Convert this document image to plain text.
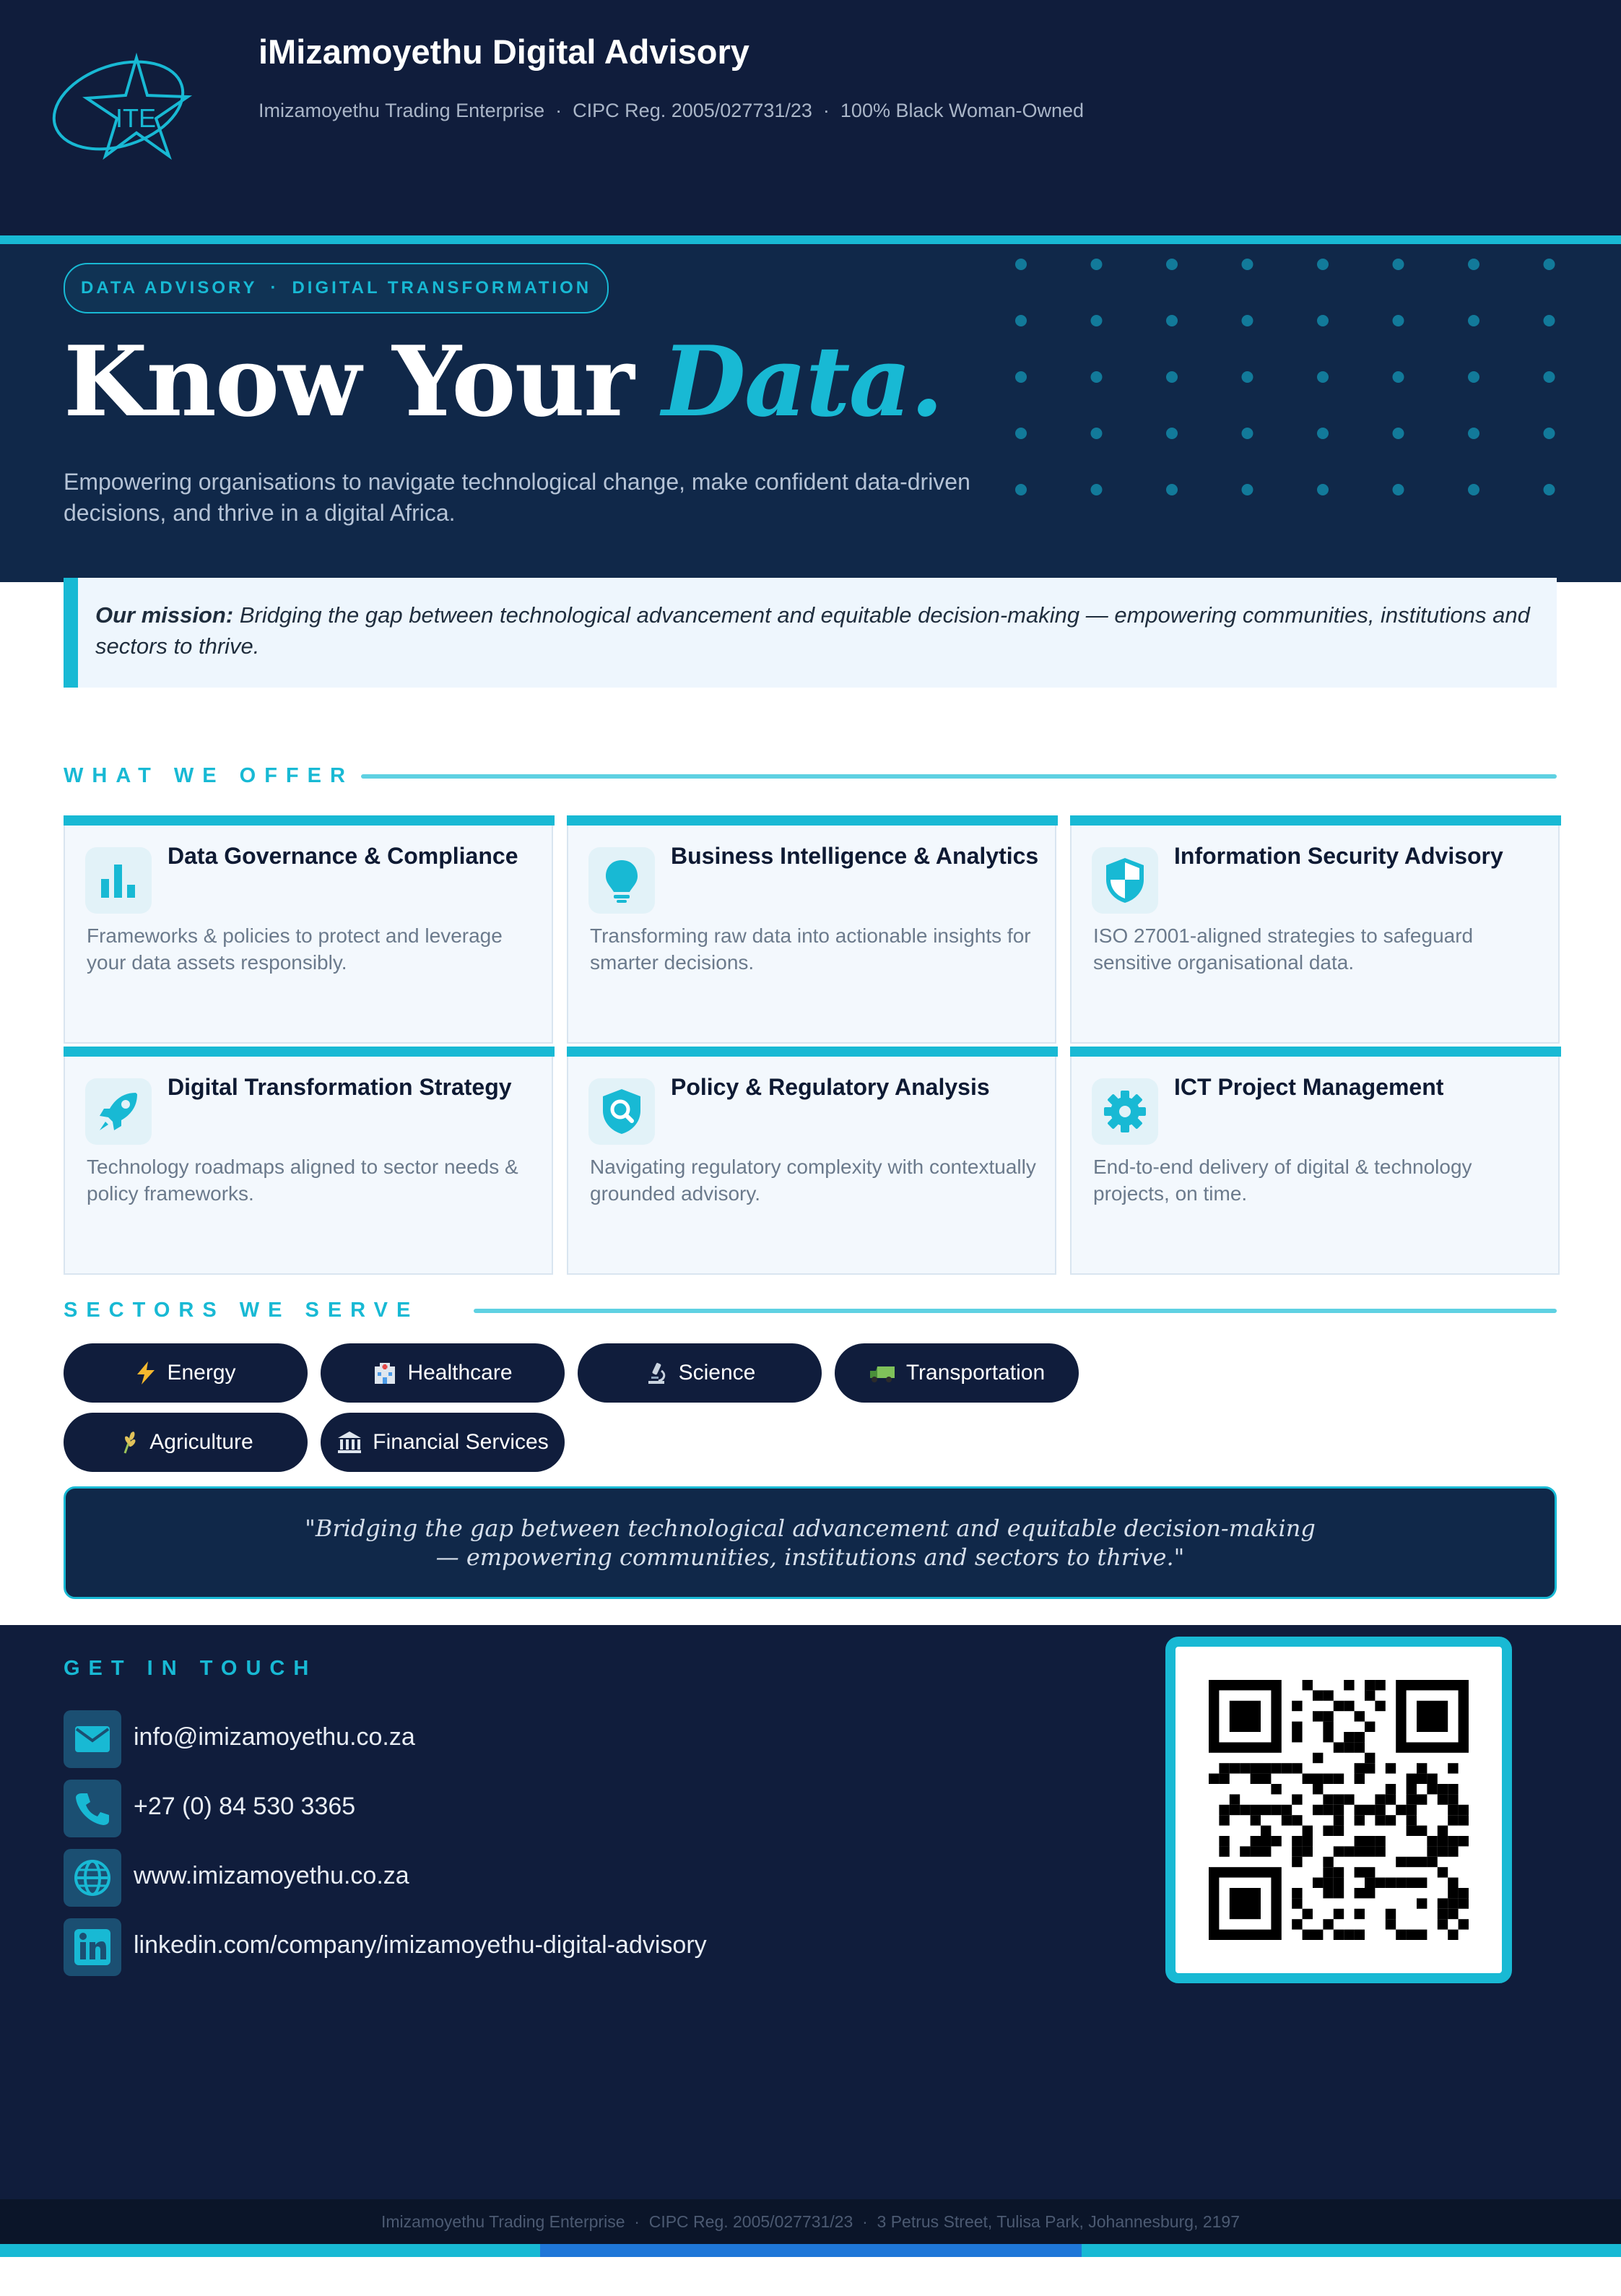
ITE
iMizamoyethu Digital Advisory
Imizamoyethu Trading Enterprise  ·  CIPC Reg. 2005/027731/23  ·  100% Black Woman-Owned
DATA ADVISORY · DIGITAL TRANSFORMATION
Know Your Data.
Empowering organisations to navigate technological change, make confident data-driven decisions, and thrive in a digital Africa.
Our mission: Bridging the gap between technological advancement and equitable decision-making — empowering communities, institutions and sectors to thrive.
WHAT WE OFFER
Data Governance & Compliance
Frameworks & policies to protect and leverage your data assets responsibly.
Business Intelligence & Analytics
Transforming raw data into actionable insights for smarter decisions.
Information Security Advisory
ISO 27001-aligned strategies to safeguard sensitive organisational data.
Digital Transformation Strategy
Technology roadmaps aligned to sector needs & policy frameworks.
Policy & Regulatory Analysis
Navigating regulatory complexity with contextually grounded advisory.
ICT Project Management
End-to-end delivery of digital & technology projects, on time.
SECTORS WE SERVE
Energy	Healthcare	Science	Transportation
Agriculture	Financial Services
"Bridging the gap between technological advancement and equitable decision-making
— empowering communities, institutions and sectors to thrive."
GET IN TOUCH
info@imizamoyethu.co.za
+27 (0) 84 530 3365
www.imizamoyethu.co.za
linkedin.com/company/imizamoyethu-digital-advisory
Imizamoyethu Trading Enterprise  ·  CIPC Reg. 2005/027731/23  ·  3 Petrus Street, Tulisa Park, Johannesburg, 2197
